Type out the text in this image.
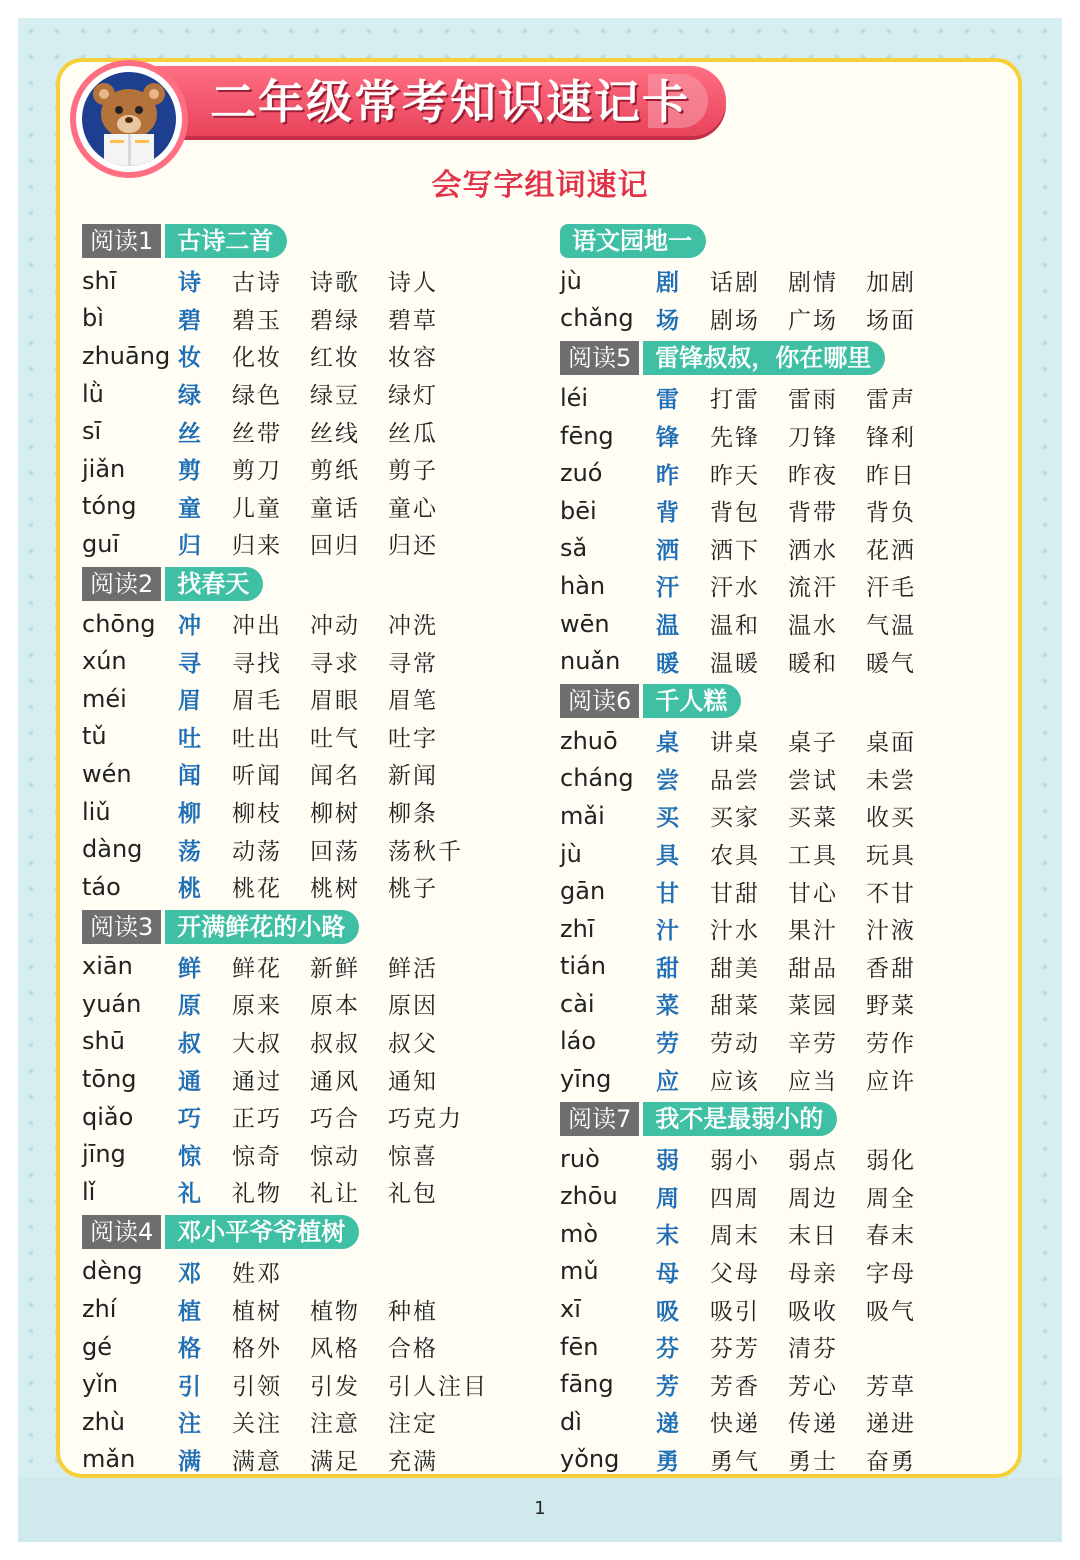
二年级常考知识速记卡
会写字组词速记
阅读1	古诗二首
shī	诗	古诗	诗歌	诗人
bì	碧	碧玉	碧绿	碧草
zhuāng 妆	化妆	红妆	妆容
lǜ	绿	绿色	绿豆	绿灯
sī	丝	丝带	丝线	丝瓜
jiǎn	剪	剪刀	剪纸	剪子
tóng	童	儿童	童话	童心
guī	归	归来	回归	归还
阅读2	找春天
chōng 冲	冲出	冲动	冲洗
xún	寻	寻找	寻求	寻常
méi	眉	眉毛	眉眼	眉笔
tǔ	吐	吐出	吐气	吐字
wén	闻	听闻	闻名	新闻
liǔ	柳	柳枝	柳树	柳条
dàng	荡	动荡	回荡	荡秋千
táo	桃	桃花	桃树	桃子
阅读3	开满鲜花的小路
xiān	鲜	鲜花	新鲜	鲜活
yuán	原	原来	原本	原因
shū	叔	大叔	叔叔	叔父
tōng	通	通过	通风	通知
qiǎo	巧	正巧	巧合	巧克力
jīng	惊	惊奇	惊动	惊喜
lǐ	礼	礼物	礼让	礼包
阅读4	邓小平爷爷植树
dèng	邓	姓邓
zhí	植	植树	植物	种植
gé	格	格外	风格	合格
yǐn	引	引领	引发	引人注目
zhù	注	关注	注意	注定
mǎn	满	满意	满足	充满
语文园地一
jù	剧	话剧	剧情	加剧
chǎng 场	剧场	广场	场面
阅读5	雷锋叔叔，你在哪里
léi	雷	打雷	雷雨	雷声
fēng	锋	先锋	刀锋	锋利
zuó	昨	昨天	昨夜	昨日
bēi	背	背包	背带	背负
sǎ	洒	洒下	洒水	花洒
hàn	汗	汗水	流汗	汗毛
wēn	温	温和	温水	气温
nuǎn	暖	温暖	暖和	暖气
阅读6	千人糕
zhuō	桌	讲桌	桌子	桌面
cháng 尝	品尝	尝试	未尝
mǎi	买	买家	买菜	收买
jù	具	农具	工具	玩具
gān	甘	甘甜	甘心	不甘
zhī	汁	汁水	果汁	汁液
tián	甜	甜美	甜品	香甜
cài	菜	甜菜	菜园	野菜
láo	劳	劳动	辛劳	劳作
yīng	应	应该	应当	应许
阅读7	我不是最弱小的
ruò	弱	弱小	弱点	弱化
zhōu	周	四周	周边	周全
mò	末	周末	末日	春末
mǔ	母	父母	母亲	字母
xī	吸	吸引	吸收	吸气
fēn	芬	芬芳	清芬
fāng	芳	芳香	芳心	芳草
dì	递	快递	传递	递进
yǒng	勇	勇气	勇士	奋勇
1
